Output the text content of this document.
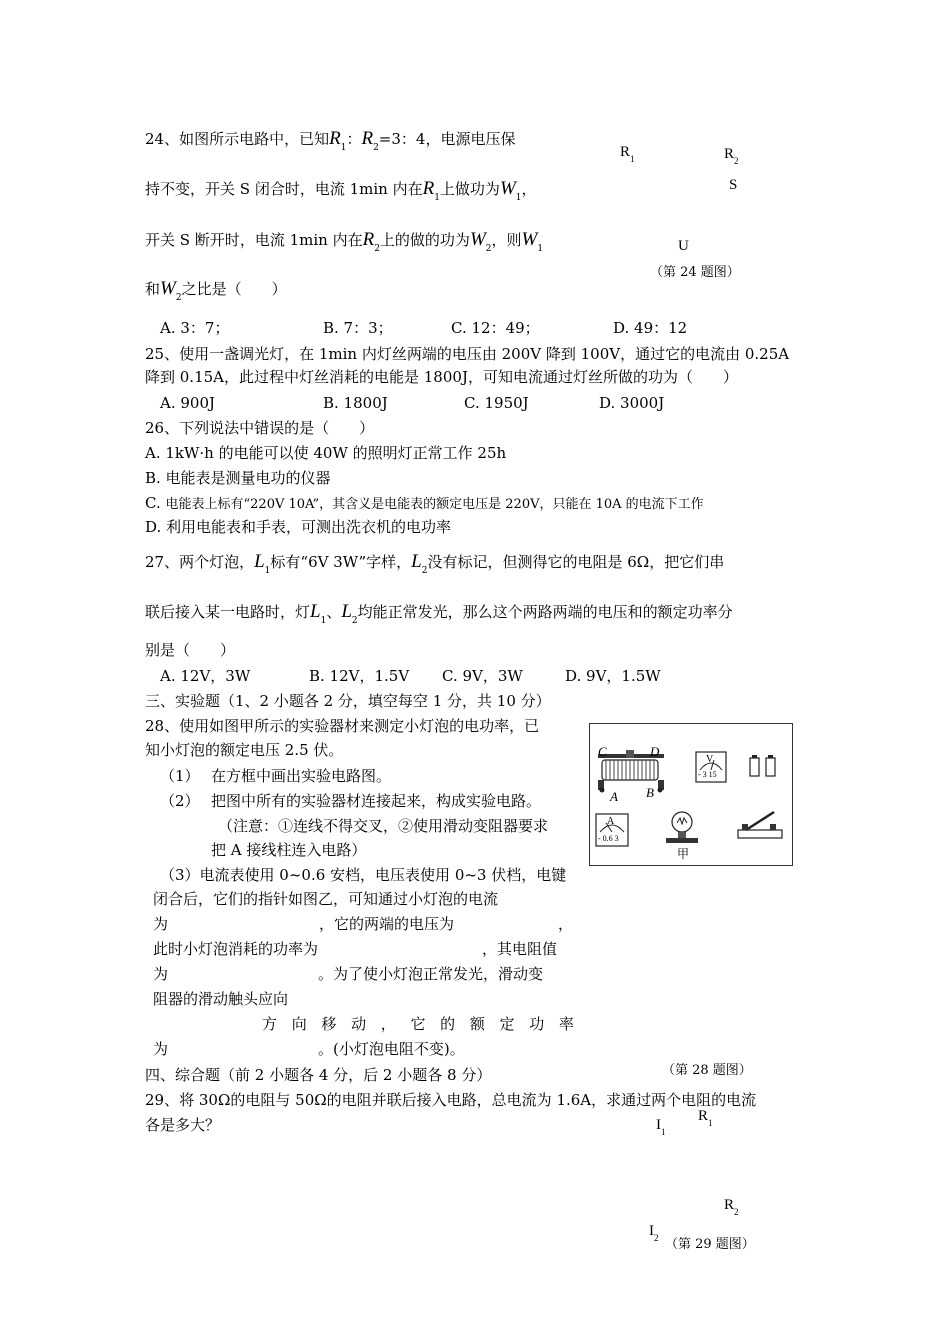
24、如图所示电路中，已知$R_1$：$R_2=3$：4，电源电压保
持不变，开关 S 闭合时，电流 1min 内在$R_1$上做功为$W_1$，
开关 S 断开时，电流 1min 内在$R_2$上的做的功为$W_2$，则$W_1$
和$W_2$之比是（　　）
A. 3：7；	B. 7：3；	C. 12：49；	D. 49：12
$R_1$	$R_2$
S
U
（第 24 题图）
25、使用一盏调光灯，在 1min 内灯丝两端的电压由 200V 降到 100V，通过它的电流由 0.25A
降到 0.15A，此过程中灯丝消耗的电能是 1800J，可知电流通过灯丝所做的功为（　　）
A. 900J	B. 1800J	C. 1950J	D. 3000J
26、下列说法中错误的是（　　）
A. 1kW·h 的电能可以使 40W 的照明灯正常工作 25h
B. 电能表是测量电功的仪器
C. 电能表上标有“220V 10A”，其含义是电能表的额定电压是 220V，只能在 10A 的电流下工作
D. 利用电能表和手表，可测出洗衣机的电功率
27、两个灯泡，$L_1$标有“6V 3W”字样，$L_2$没有标记，但测得它的电阻是 6Ω，把它们串
联后接入某一电路时，灯$L_1$、$L_2$均能正常发光，那么这个两路两端的电压和的额定功率分
别是（　　）
A. 12V，3W	B. 12V，1.5V C. 9V，3W	D. 9V，1.5W
三、实验题（1、2 小题各 2 分，填空每空 1 分，共 10 分）
28、使用如图甲所示的实验器材来测定小灯泡的电功率，已
知小灯泡的额定电压 2.5 伏。
（1） 在方框中画出实验电路图。
（2） 把图中所有的实验器材连接起来，构成实验电路。
（注意：①连线不得交叉，②使用滑动变阻器要求
把 A 接线柱连入电路）
（3）电流表使用 0~0.6 安档，电压表使用 0~3 伏档，电键
闭合后，它们的指针如图乙，可知通过小灯泡的电流
为	，它的两端的电压为	，
此时小灯泡消耗的功率为	，其电阻值
为	。为了使小灯泡正常发光，滑动变
阻器的滑动触头应向
方 向 移 动 ， 它 的 额 定 功 率
为	。(小灯泡电阻不变)。
C	D
A B
V
- 3 15
A
- 0.6 3
甲
（第 28 题图）
四、综合题（前 2 小题各 4 分，后 2 小题各 8 分）
29、将 30Ω的电阻与 50Ω的电阻并联后接入电路，总电流为 1.6A，求通过两个电阻的电流
各是多大？	$I_1$
$R_1$
$R_2$
$I_2$ （第 29 题图）
